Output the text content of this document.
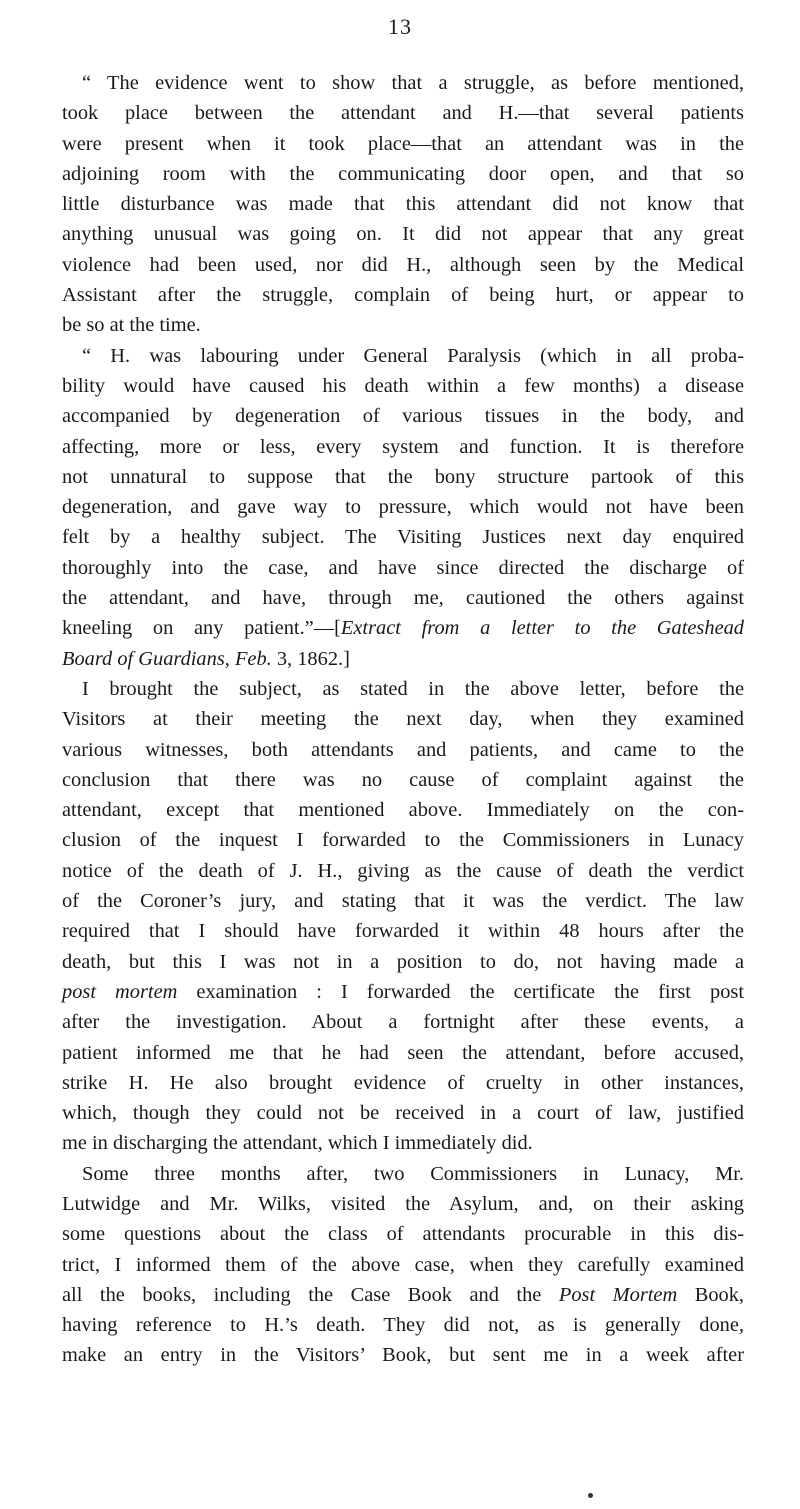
13
“ The evidence went to show that a struggle, as before mentioned,
took place between the attendant and H.—that several patients
were present when it took place—that an attendant was in the
adjoining room with the communicating door open, and that so
little disturbance was made that this attendant did not know that
anything unusual was going on. It did not appear that any great
violence had been used, nor did H., although seen by the Medical
Assistant after the struggle, complain of being hurt, or appear to
be so at the time.
“ H. was labouring under General Paralysis (which in all proba-
bility would have caused his death within a few months) a disease
accompanied by degeneration of various tissues in the body, and
affecting, more or less, every system and function. It is therefore
not unnatural to suppose that the bony structure partook of this
degeneration, and gave way to pressure, which would not have been
felt by a healthy subject. The Visiting Justices next day enquired
thoroughly into the case, and have since directed the discharge of
the attendant, and have, through me, cautioned the others against
kneeling on any patient.”—[Extract from a letter to the Gateshead
Board of Guardians, Feb. 3, 1862.]
I brought the subject, as stated in the above letter, before the
Visitors at their meeting the next day, when they examined
various witnesses, both attendants and patients, and came to the
conclusion that there was no cause of complaint against the
attendant, except that mentioned above. Immediately on the con-
clusion of the inquest I forwarded to the Commissioners in Lunacy
notice of the death of J. H., giving as the cause of death the verdict
of the Coroner’s jury, and stating that it was the verdict. The law
required that I should have forwarded it within 48 hours after the
death, but this I was not in a position to do, not having made a
post mortem examination : I forwarded the certificate the first post
after the investigation. About a fortnight after these events, a
patient informed me that he had seen the attendant, before accused,
strike H. He also brought evidence of cruelty in other instances,
which, though they could not be received in a court of law, justified
me in discharging the attendant, which I immediately did.
Some three months after, two Commissioners in Lunacy, Mr.
Lutwidge and Mr. Wilks, visited the Asylum, and, on their asking
some questions about the class of attendants procurable in this dis-
trict, I informed them of the above case, when they carefully examined
all the books, including the Case Book and the Post Mortem Book,
having reference to H.’s death. They did not, as is generally done,
make an entry in the Visitors’ Book, but sent me in a week after
